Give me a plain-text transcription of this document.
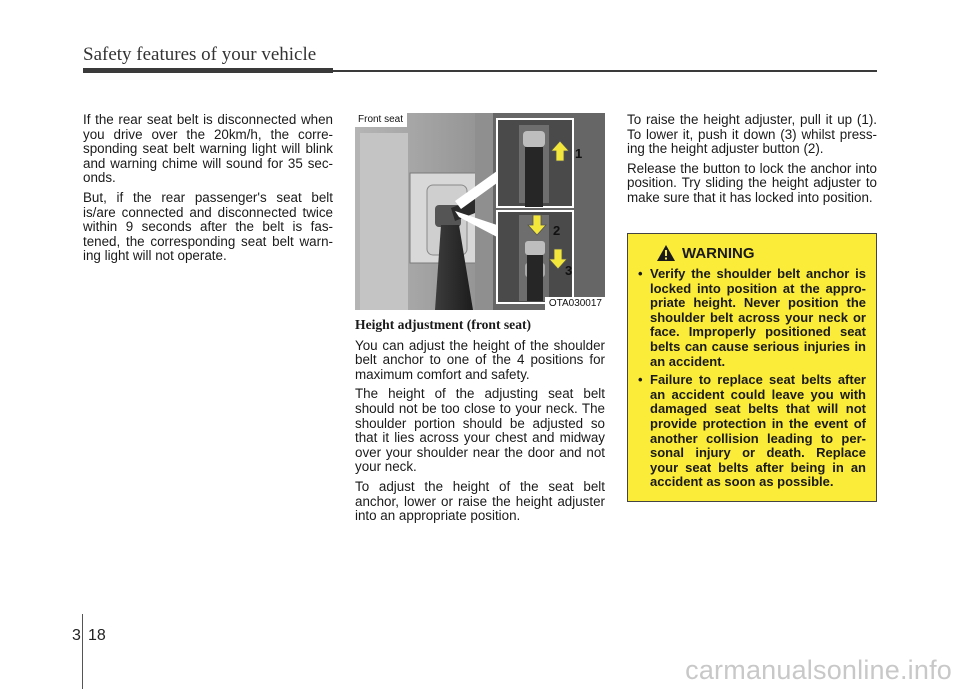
Safety features of your vehicle

If the rear seat belt is disconnected when you drive over the 20km/h, the corre-sponding seat belt warning light will blink and warning chime will sound for 35 sec-onds.

But, if the rear passenger's seat belt is/are connected and disconnected twice within 9 seconds after the belt is fas-tened, the corresponding seat belt warn-ing light will not operate.

1
2
3
Front seat
OTA030017
Height adjustment (front seat)

You can adjust the height of the shoulder belt anchor to one of the 4 positions for maximum comfort and safety.

The height of the adjusting seat belt should not be too close to your neck. The shoulder portion should be adjusted so that it lies across your chest and midway over your shoulder near the door and not your neck.

To adjust the height of the seat belt anchor, lower or raise the height adjuster into an appropriate position.

To raise the height adjuster, pull it up (1). To lower it, push it down (3) whilst press-ing the height adjuster button (2).

Release the button to lock the anchor into position. Try sliding the height adjuster to make sure that it has locked into position.

WARNING
• Verify the shoulder belt anchor is locked into position at the appro-priate height. Never position the shoulder belt across your neck or face. Improperly positioned seat belts can cause serious injuries in an accident.
• Failure to replace seat belts after an accident could leave you with damaged seat belts that will not provide protection in the event of another collision leading to per-sonal injury or death. Replace your seat belts after being in an accident as soon as possible.
3 18
carmanualsonline.info
